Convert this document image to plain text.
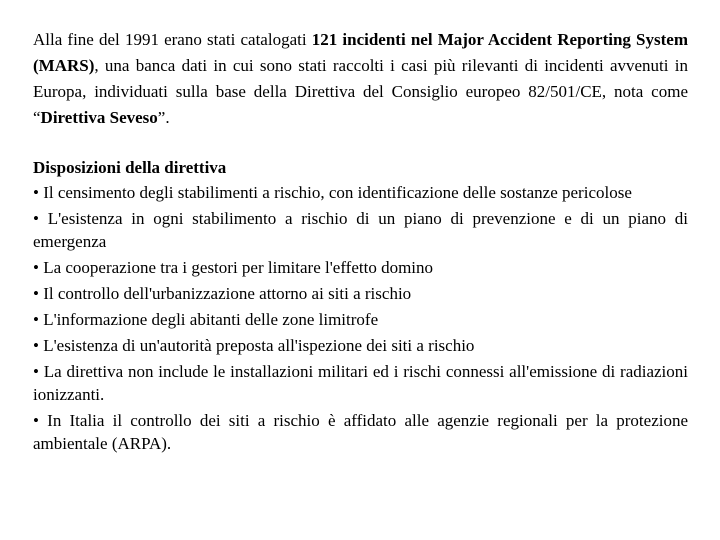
Alla fine del 1991 erano stati catalogati 121 incidenti nel Major Accident Reporting System (MARS), una banca dati in cui sono stati raccolti i casi più rilevanti di incidenti avvenuti in Europa, individuati sulla base della Direttiva del Consiglio europeo 82/501/CE, nota come “Direttiva Seveso”.

Disposizioni della direttiva
• Il censimento degli stabilimenti a rischio, con identificazione delle sostanze pericolose
• L'esistenza in ogni stabilimento a rischio di un piano di prevenzione e di un piano di emergenza
• La cooperazione tra i gestori per limitare l'effetto domino
• Il controllo dell'urbanizzazione attorno ai siti a rischio
• L'informazione degli abitanti delle zone limitrofe
• L'esistenza di un'autorità preposta all'ispezione dei siti a rischio
• La direttiva non include le installazioni militari ed i rischi connessi all'emissione di radiazioni ionizzanti.
• In Italia il controllo dei siti a rischio è affidato alle agenzie regionali per la protezione ambientale (ARPA).
